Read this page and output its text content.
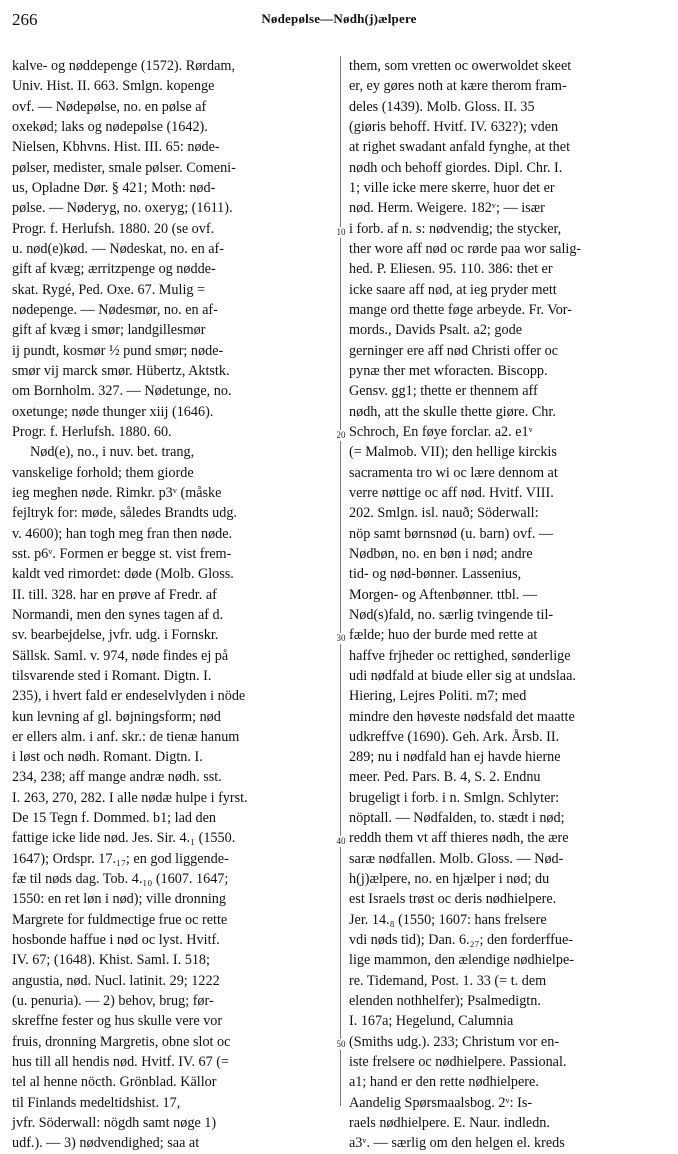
266	Nødepølse—Nødh(j)ælpere
kalve- og nøddepenge (1572). Rørdam,
Univ. Hist. II. 663. Smlgn. kopenge
ovf. — Nødepølse, no. en pølse af
oxekød; laks og nødepølse (1642).
Nielsen, Kbhvns. Hist. III. 65: nøde-
pølser, medister, smale pølser. Comeni-
us, Opladne Dør. § 421; Moth: nød-
pølse. — Nøderyg, no. oxeryg; (1611).
Progr. f. Herlufsh. 1880. 20 (se ovf.
u. nød(e)kød. — Nødeskat, no. en af-
gift af kvæg; ærritzpenge og nødde-
skat. Rygé, Ped. Oxe. 67. Mulig =
nødepenge. — Nødesmør, no. en af-
gift af kvæg i smør; landgillesmør
ij pundt, kosmør ½ pund smør; nøde-
smør vij marck smør. Hübertz, Aktstk.
om Bornholm. 327. — Nødetunge, no.
oxetunge; nøde thunger xiij (1646).
Progr. f. Herlufsh. 1880. 60.
Nød(e), no., i nuv. bet. trang,
vanskelige forhold; them giorde
ieg meghen nøde. Rimkr. p3ᵛ (måske
fejltryk for: møde, således Brandts udg.
v. 4600); han togh meg fran then nøde.
sst. p6ᵛ. Formen er begge st. vist frem-
kaldt ved rimordet: døde (Molb. Gloss.
II. till. 328. har en prøve af Fredr. af
Normandi, men den synes tagen af d.
sv. bearbejdelse, jvfr. udg. i Fornskr.
Sällsk. Saml. v. 974, nøde findes ej på
tilsvarende sted i Romant. Digtn. I.
235), i hvert fald er endeselvlyden i nöde
kun levning af gl. bøjningsform; nød
er ellers alm. i anf. skr.: de tienæ hanum
i løst och nødh. Romant. Digtn. I.
234, 238; aff mange andræ nødh. sst.
I. 263, 270, 282. I alle nødæ hulpe i fyrst.
De 15 Tegn f. Dommed. b1; lad den
fattige icke lide nød. Jes. Sir. 4.₁ (1550.
1647); Ordspr. 17.₁₇; en god liggende-
fæ til nøds dag. Tob. 4.₁₀ (1607. 1647;
1550: en ret løn i nød); ville dronning
Margrete for fuldmectige frue oc rette
hosbonde haffue i nød oc lyst. Hvitf.
IV. 67; (1648). Khist. Saml. I. 518;
angustia, nød. Nucl. latinit. 29; 1222
(u. penuria). — 2) behov, brug; før-
skreffne fester og hus skulle vere vor
fruis, dronning Margretis, obne slot oc
hus till all hendis nød. Hvitf. IV. 67 (=
tel al henne nöcth. Grönblad. Källor
til Finlands medeltidshist. 17,
jvfr. Söderwall: nögdh samt nøge 1)
udf.). — 3) nødvendighed; saa at
them, som vretten oc owerwoldet skeet
er, ey gøres noth at kære therom fram-
deles (1439). Molb. Gloss. II. 35
(giøris behoff. Hvitf. IV. 632?); vden
at righet swadant anfald fynghe, at thet
nødh och behoff giordes. Dipl. Chr. I.
1; ville icke mere skerre, huor det er
nød. Herm. Weigere. 182ᵛ; — især
i forb. af n. s: nødvendig; the stycker,
ther wore aff nød oc rørde paa wor salig-
hed. P. Eliesen. 95. 110. 386: thet er
icke saare aff nød, at ieg pryder mett
mange ord thette føge arbeyde. Fr. Vor-
mords., Davids Psalt. a2; gode
gerninger ere aff nød Christi offer oc
pynæ ther met wforacten. Biscopp.
Gensv. gg1; thette er thennem aff
nødh, att the skulle thette giøre. Chr.
Schroch, En føye forclar. a2. e1ᵛ
(= Malmob. VII); den hellige kirckis
sacramenta tro wi oc lære dennom at
verre nøttige oc aff nød. Hvitf. VIII.
202. Smlgn. isl. nauð; Söderwall:
nöp samt børnsnød (u. barn) ovf. —
Nødbøn, no. en bøn i nød; andre
tid- og nød-bønner. Lassenius,
Morgen- og Aftenbønner. ttbl. —
Nød(s)fald, no. særlig tvingende til-
fælde; huo der burde med rette at
haffve frjheder oc rettighed, sønderlige
udi nødfald at biude eller sig at undslaa.
Hiering, Lejres Politi. m7; med
mindre den høveste nødsfald det maatte
udkreffve (1690). Geh. Ark. Årsb. II.
289; nu i nødfald han ej havde hierne
meer. Ped. Pars. B. 4, S. 2. Endnu
brugeligt i forb. i n. Smlgn. Schlyter:
nöptall. — Nødfalden, to. stædt i nød;
reddh them vt aff thieres nødh, the ære
saræ nødfallen. Molb. Gloss. — Nød-
h(j)ælpere, no. en hjælper i nød; du
est Israels trøst oc deris nødhielpere.
Jer. 14.₈ (1550; 1607: hans frelsere
vdi nøds tid); Dan. 6.₂₇; den forderffue-
lige mammon, den ælendige nødhielpe-
re. Tidemand, Post. 1. 33 (= t. dem
elenden nothhelfer); Psalmedigtn.
I. 167a; Hegelund, Calumnia
(Smiths udg.). 233; Christum vor en-
iste frelsere oc nødhielpere. Passional.
a1; hand er den rette nødhielpere.
Aandelig Spørsmaalsbog. 2ᵛ: Is-
raels nødhielpere. E. Naur. indledn.
a3ᵛ. — særlig om den helgen el. kreds
10
20
30
40
50
